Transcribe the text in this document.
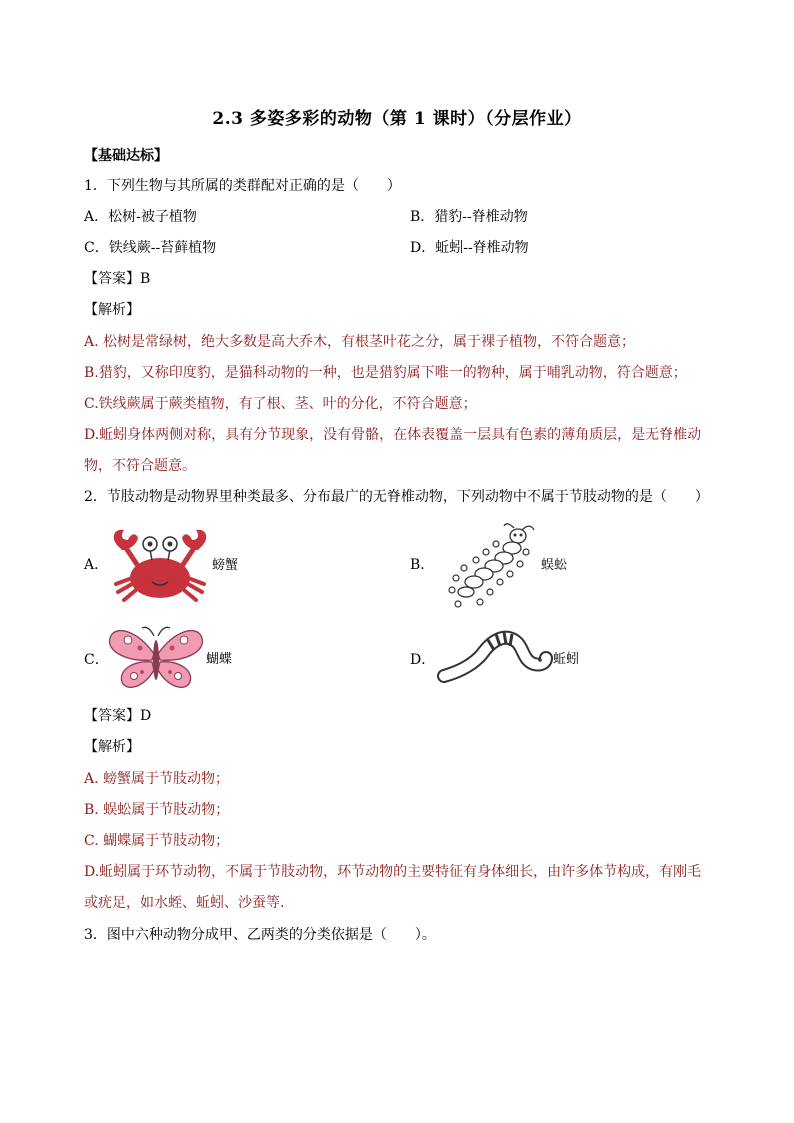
2.3 多姿多彩的动物（第 1 课时）（分层作业）
【基础达标】
1．下列生物与其所属的类群配对正确的是（　　）
A．松树-被子植物	B．猎豹--脊椎动物
C．铁线蕨--苔藓植物	D．蚯蚓--脊椎动物
【答案】B
【解析】
A. 松树是常绿树，绝大多数是高大乔木，有根茎叶花之分，属于裸子植物，不符合题意；
B.猎豹，又称印度豹，是猫科动物的一种，也是猎豹属下唯一的物种，属于哺乳动物，符合题意；
C.铁线蕨属于蕨类植物，有了根、茎、叶的分化，不符合题意；
D.蚯蚓身体两侧对称，具有分节现象，没有骨骼，在体表覆盖一层具有色素的薄角质层，是无脊椎动
物，不符合题意。
2．节肢动物是动物界里种类最多、分布最广的无脊椎动物，下列动物中不属于节肢动物的是（　　）
A．	螃蟹	B．	蜈蚣
C．	蝴蝶	D．	蚯蚓
【答案】D
【解析】
A. 螃蟹属于节肢动物；
B. 蜈蚣属于节肢动物；
C. 蝴蝶属于节肢动物；
D.蚯蚓属于环节动物，不属于节肢动物，环节动物的主要特征有身体细长，由许多体节构成，有刚毛
或疣足，如水蛭、蚯蚓、沙蚕等.
3．图中六种动物分成甲、乙两类的分类依据是（　　）。
